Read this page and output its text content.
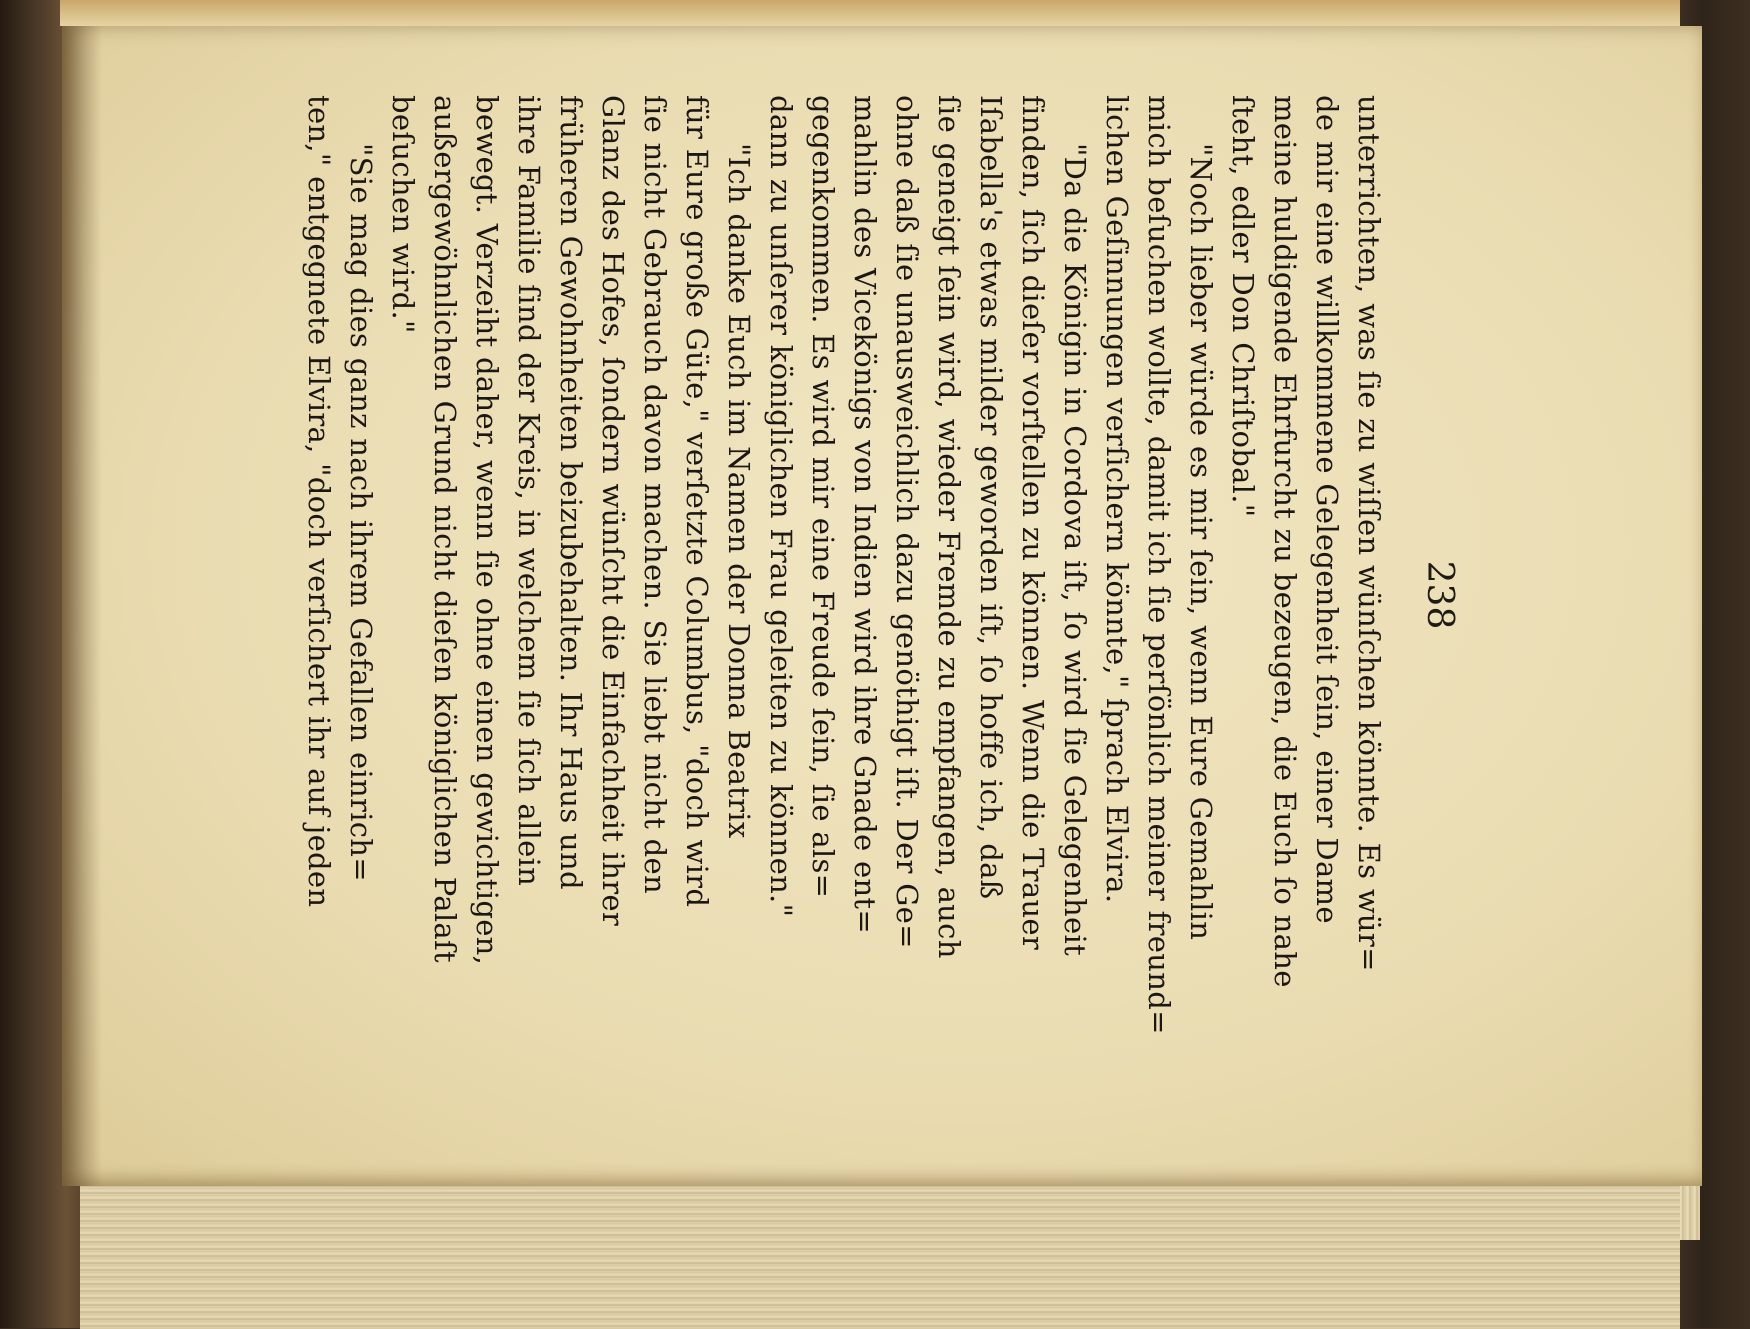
unterrichten, was ſie zu wiſſen wünſchen könnte. Es wür=
de mir eine willkommene Gelegenheit ſein, einer Dame
meine huldigende Ehrfurcht zu bezeugen, die Euch ſo nahe
ſteht, edler Don Chriſtobal."
"Noch lieber würde es mir ſein, wenn Eure Gemahlin
mich beſuchen wollte, damit ich ſie perſönlich meiner freund=
lichen Geſinnungen verſichern könnte," ſprach Elvira.
"Da die Königin in Cordova iſt, ſo wird ſie Gelegenheit
finden, ſich dieſer vorſtellen zu können. Wenn die Trauer
Iſabella's etwas milder geworden iſt, ſo hoffe ich, daß
ſie geneigt ſein wird, wieder Fremde zu empfangen, auch
ohne daß ſie unausweichlich dazu genöthigt iſt. Der Ge=
mahlin des Vicekönigs von Indien wird ihre Gnade ent=
gegenkommen. Es wird mir eine Freude ſein, ſie als=
dann zu unſerer königlichen Frau geleiten zu können."
"Ich danke Euch im Namen der Donna Beatrix
für Eure große Güte," verſetzte Columbus, "doch wird
ſie nicht Gebrauch davon machen. Sie liebt nicht den
Glanz des Hofes, ſondern wünſcht die Einfachheit ihrer
früheren Gewohnheiten beizubehalten. Ihr Haus und
ihre Familie ſind der Kreis, in welchem ſie ſich allein
bewegt. Verzeiht daher, wenn ſie ohne einen gewichtigen,
außergewöhnlichen Grund nicht dieſen königlichen Palaſt
beſuchen wird."
"Sie mag dies ganz nach ihrem Gefallen einrich=
ten," entgegnete Elvira, "doch verſichert ihr auf jeden	238
